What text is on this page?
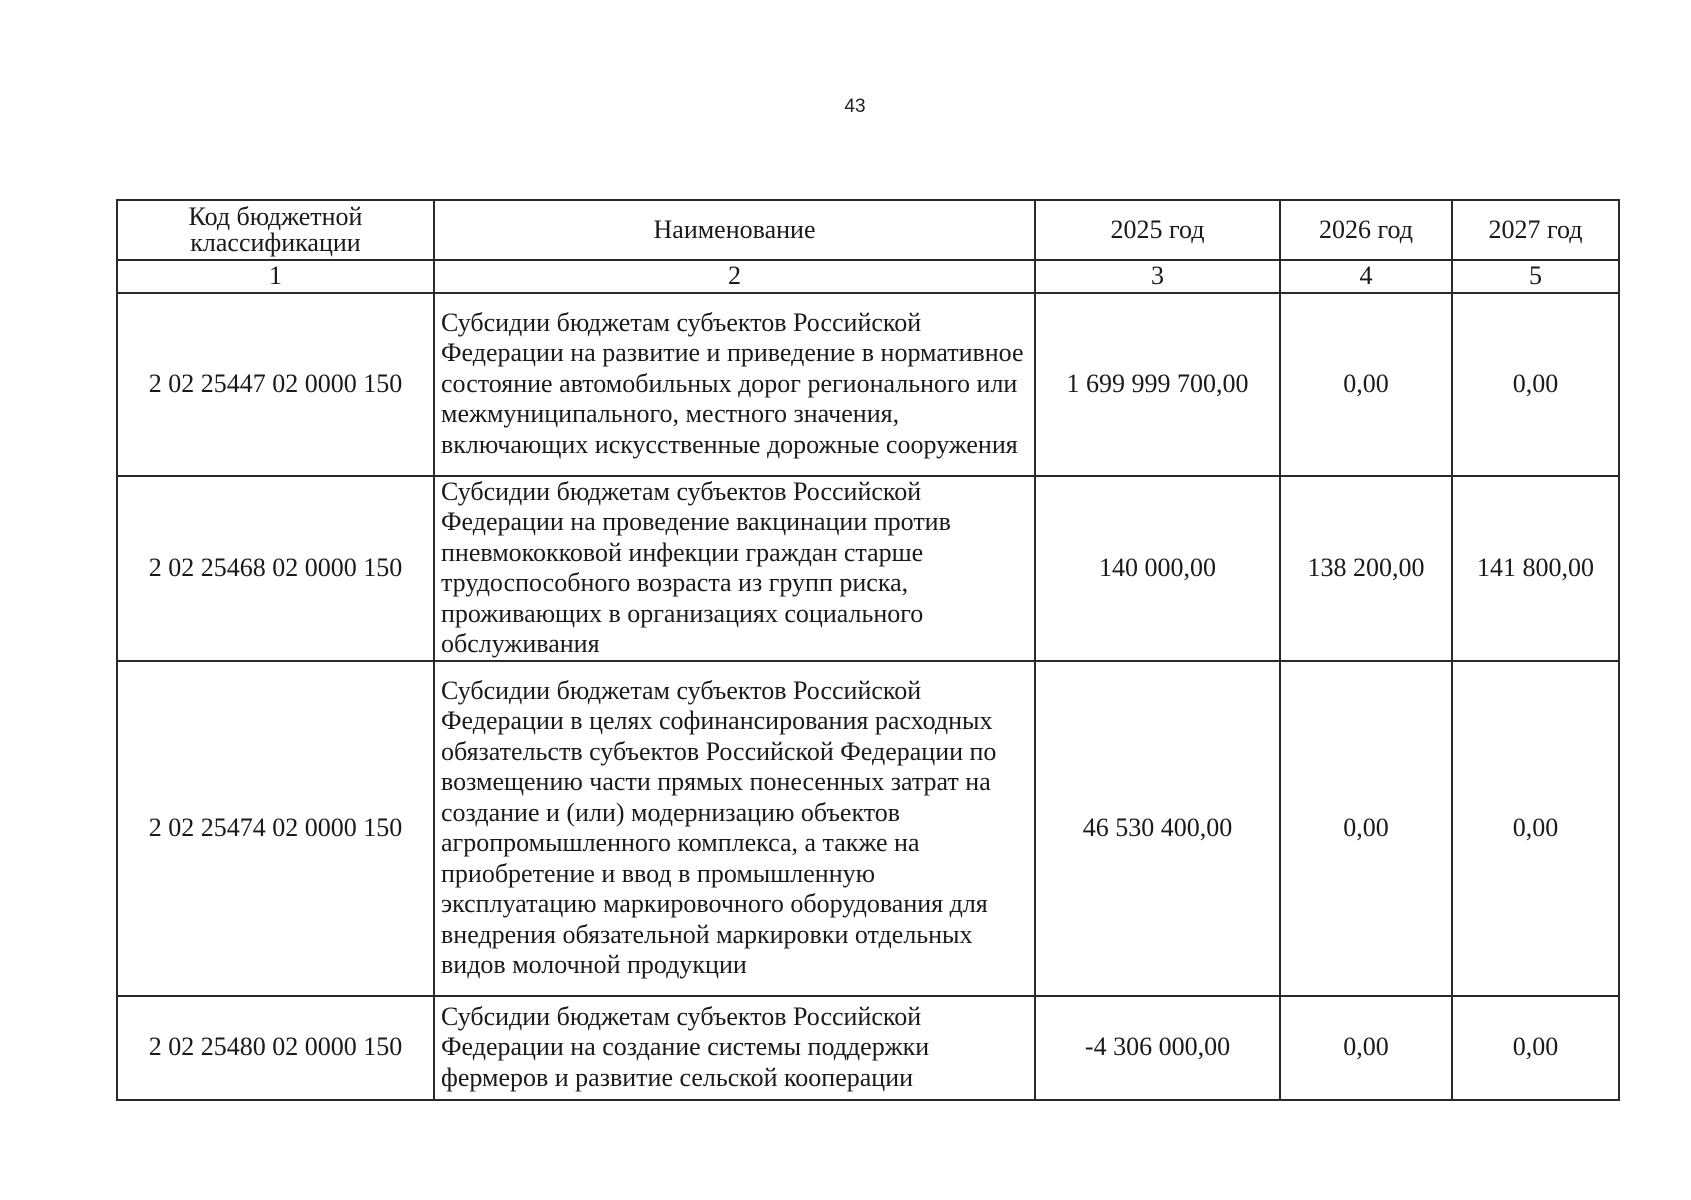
43
Код бюджетной классификации	Наименование	2025 год	2026 год	2027 год
1	2	3	4	5
2 02 25447 02 0000 150	Субсидии бюджетам субъектов Российской Федерации на развитие и приведение в нормативное состояние автомобильных дорог регионального или межмуниципального, местного значения, включающих искусственные дорожные сооружения	1 699 999 700,00	0,00	0,00
2 02 25468 02 0000 150	Субсидии бюджетам субъектов Российской Федерации на проведение вакцинации против пневмококковой инфекции граждан старше трудоспособного возраста из групп риска, проживающих в организациях социального обслуживания	140 000,00	138 200,00	141 800,00
2 02 25474 02 0000 150	Субсидии бюджетам субъектов Российской Федерации в целях софинансирования расходных обязательств субъектов Российской Федерации по возмещению части прямых понесенных затрат на создание и (или) модернизацию объектов агропромышленного комплекса, а также на приобретение и ввод в промышленную эксплуатацию маркировочного оборудования для внедрения обязательной маркировки отдельных видов молочной продукции	46 530 400,00	0,00	0,00
2 02 25480 02 0000 150	Субсидии бюджетам субъектов Российской Федерации на создание системы поддержки фермеров и развитие сельской кооперации	-4 306 000,00	0,00	0,00
